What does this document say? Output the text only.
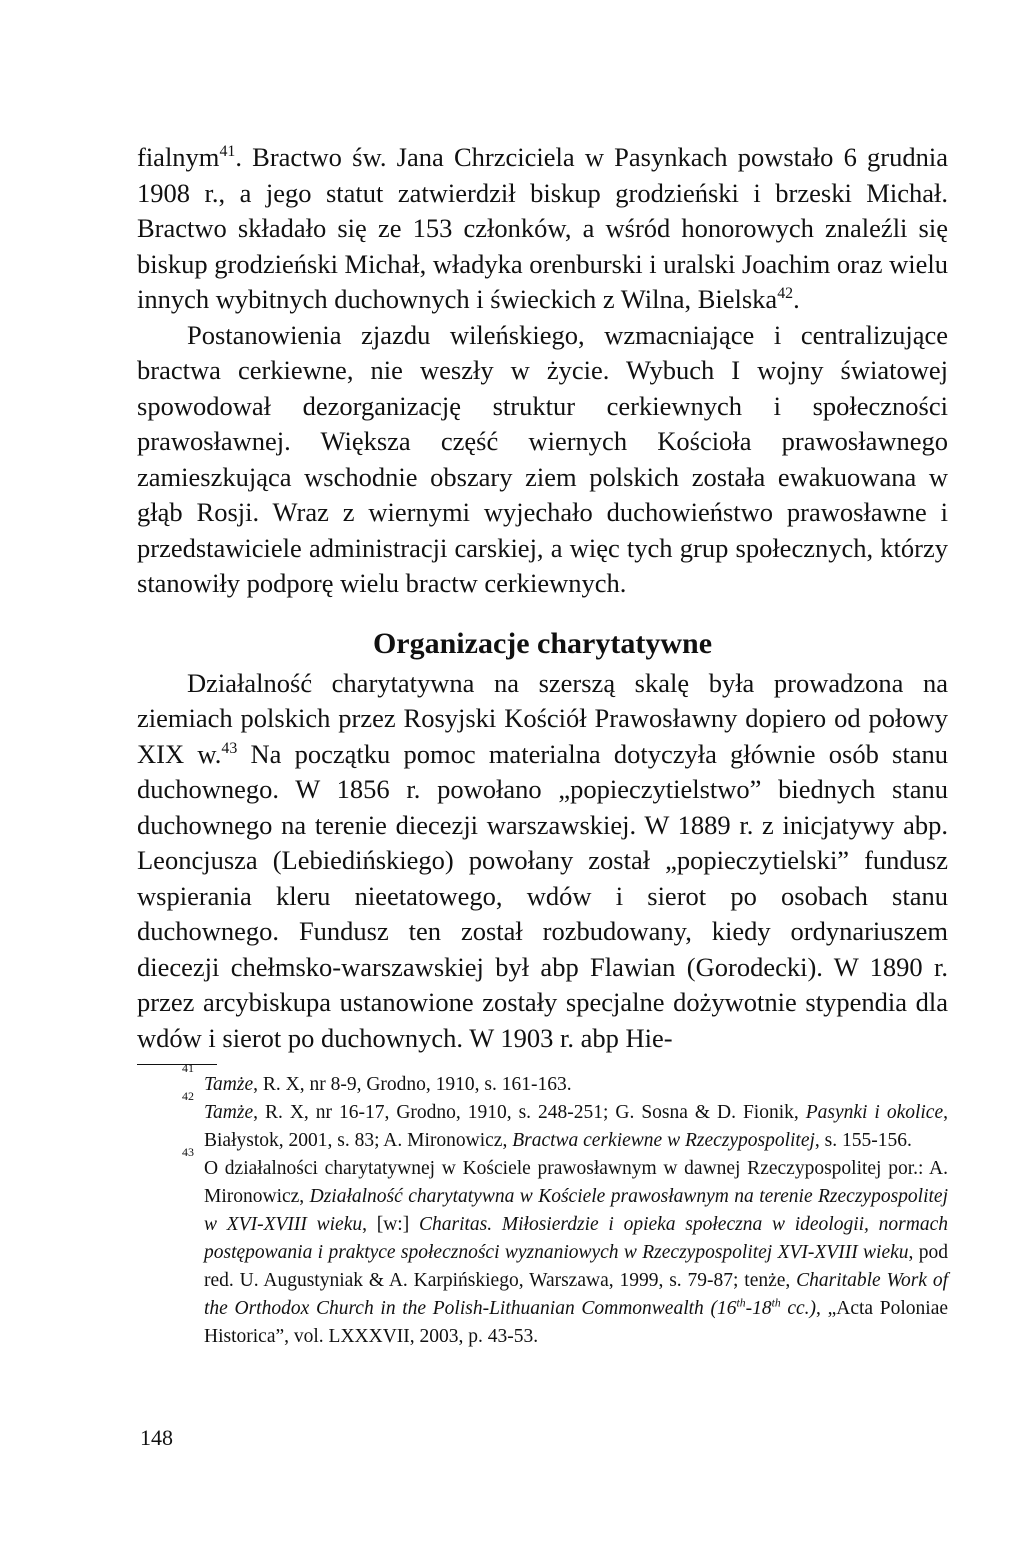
fialnym$^{41}$. Bractwo św. Jana Chrzciciela w Pasynkach powstało 6 grudnia 1908 r., a jego statut zatwierdził biskup grodzieński i brzeski Michał. Bractwo składało się ze 153 członków, a wśród honorowych znaleźli się biskup grodzieński Michał, władyka orenburski i uralski Joachim oraz wielu innych wybitnych duchownych i świeckich z Wilna, Bielska$^{42}$.

Postanowienia zjazdu wileńskiego, wzmacniające i centralizujące bractwa cerkiewne, nie weszły w życie. Wybuch I wojny światowej spowodował dezorganizację struktur cerkiewnych i społeczności prawosławnej. Większa część wiernych Kościoła prawosławnego zamieszkująca wschodnie obszary ziem polskich została ewakuowana w głąb Rosji. Wraz z wiernymi wyjechało duchowieństwo prawosławne i przedstawiciele administracji carskiej, a więc tych grup społecznych, którzy stanowiły podporę wielu bractw cerkiewnych.

Organizacje charytatywne

Działalność charytatywna na szerszą skalę była prowadzona na ziemiach polskich przez Rosyjski Kościół Prawosławny dopiero od połowy XIX w.$^{43}$ Na początku pomoc materialna dotyczyła głównie osób stanu duchownego. W 1856 r. powołano „popieczytielstwo” biednych stanu duchownego na terenie diecezji warszawskiej. W 1889 r. z inicjatywy abp. Leoncjusza (Lebiedińskiego) powołany został „popieczytielski” fundusz wspierania kleru nieetatowego, wdów i sierot po osobach stanu duchownego. Fundusz ten został rozbudowany, kiedy ordynariuszem diecezji chełmsko-warszawskiej był abp Flawian (Gorodecki). W 1890 r. przez arcybiskupa ustanowione zostały specjalne dożywotnie stypendia dla wdów i sierot po duchownych. W 1903 r. abp Hie-

41
Tamże, R. X, nr 8-9, Grodno, 1910, s. 161-163.

42
Tamże, R. X, nr 16-17, Grodno, 1910, s. 248-251; G. Sosna & D. Fionik, Pasynki i okolice, Białystok, 2001, s. 83; A. Mironowicz, Bractwa cerkiewne w Rzeczypospolitej, s. 155-156.

43
O działalności charytatywnej w Kościele prawosławnym w dawnej Rzeczypospolitej por.: A. Mironowicz, Działalność charytatywna w Kościele prawosławnym na terenie Rzeczypospolitej w XVI-XVIII wieku, [w:] Charitas. Miłosierdzie i opieka społeczna w ideologii, normach postępowania i praktyce społeczności wyznaniowych w Rzeczypospolitej XVI-XVIII wieku, pod red. U. Augustyniak & A. Karpińskiego, Warszawa, 1999, s. 79-87; tenże, Charitable Work of the Orthodox Church in the Polish-Lithuanian Commonwealth (16th-18th cc.), „Acta Poloniae Historica”, vol. LXXXVII, 2003, p. 43-53.

148
